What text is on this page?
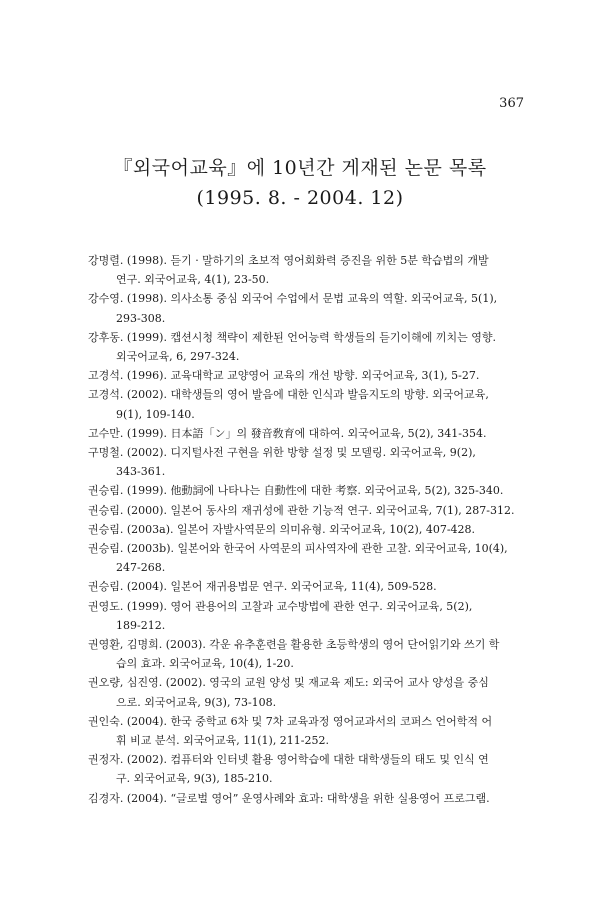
367
『외국어교육』에 10년간 게재된 논문 목록
(1995. 8. - 2004. 12)
강명렬. (1998). 듣기 · 말하기의 초보적 영어회화력 증진을 위한 5분 학습법의 개발
연구. 외국어교육, 4(1), 23-50.
강수영. (1998). 의사소통 중심 외국어 수업에서 문법 교육의 역할. 외국어교육, 5(1),
293-308.
강후동. (1999). 캡션시청 책략이 제한된 언어능력 학생들의 듣기이해에 끼치는 영향.
외국어교육, 6, 297-324.
고경석. (1996). 교육대학교 교양영어 교육의 개선 방향. 외국어교육, 3(1), 5-27.
고경석. (2002). 대학생들의 영어 발음에 대한 인식과 발음지도의 방향. 외국어교육,
9(1), 109-140.
고수만. (1999). 日本語「ン」의 發音敎育에 대하여. 외국어교육, 5(2), 341-354.
구명철. (2002). 디지털사전 구현을 위한 방향 설정 및 모델링. 외국어교육, 9(2),
343-361.
권승림. (1999). 他動詞에 나타나는 自動性에 대한 考察. 외국어교육, 5(2), 325-340.
권승림. (2000). 일본어 동사의 재귀성에 관한 기능적 연구. 외국어교육, 7(1), 287-312.
권승림. (2003a). 일본어 자발사역문의 의미유형. 외국어교육, 10(2), 407-428.
권승림. (2003b). 일본어와 한국어 사역문의 피사역자에 관한 고찰. 외국어교육, 10(4),
247-268.
권승림. (2004). 일본어 재귀용법문 연구. 외국어교육, 11(4), 509-528.
권영도. (1999). 영어 관용어의 고찰과 교수방법에 관한 연구. 외국어교육, 5(2),
189-212.
권영환, 김명희. (2003). 각운 유추훈련을 활용한 초등학생의 영어 단어읽기와 쓰기 학
습의 효과. 외국어교육, 10(4), 1-20.
권오량, 심진영. (2002). 영국의 교원 양성 및 재교육 제도: 외국어 교사 양성을 중심
으로. 외국어교육, 9(3), 73-108.
권인숙. (2004). 한국 중학교 6차 및 7차 교육과정 영어교과서의 코퍼스 언어학적 어
휘 비교 분석. 외국어교육, 11(1), 211-252.
권정자. (2002). 컴퓨터와 인터넷 활용 영어학습에 대한 대학생들의 태도 및 인식 연
구. 외국어교육, 9(3), 185-210.
김경자. (2004). “글로벌 영어” 운영사례와 효과: 대학생을 위한 실용영어 프로그램.
